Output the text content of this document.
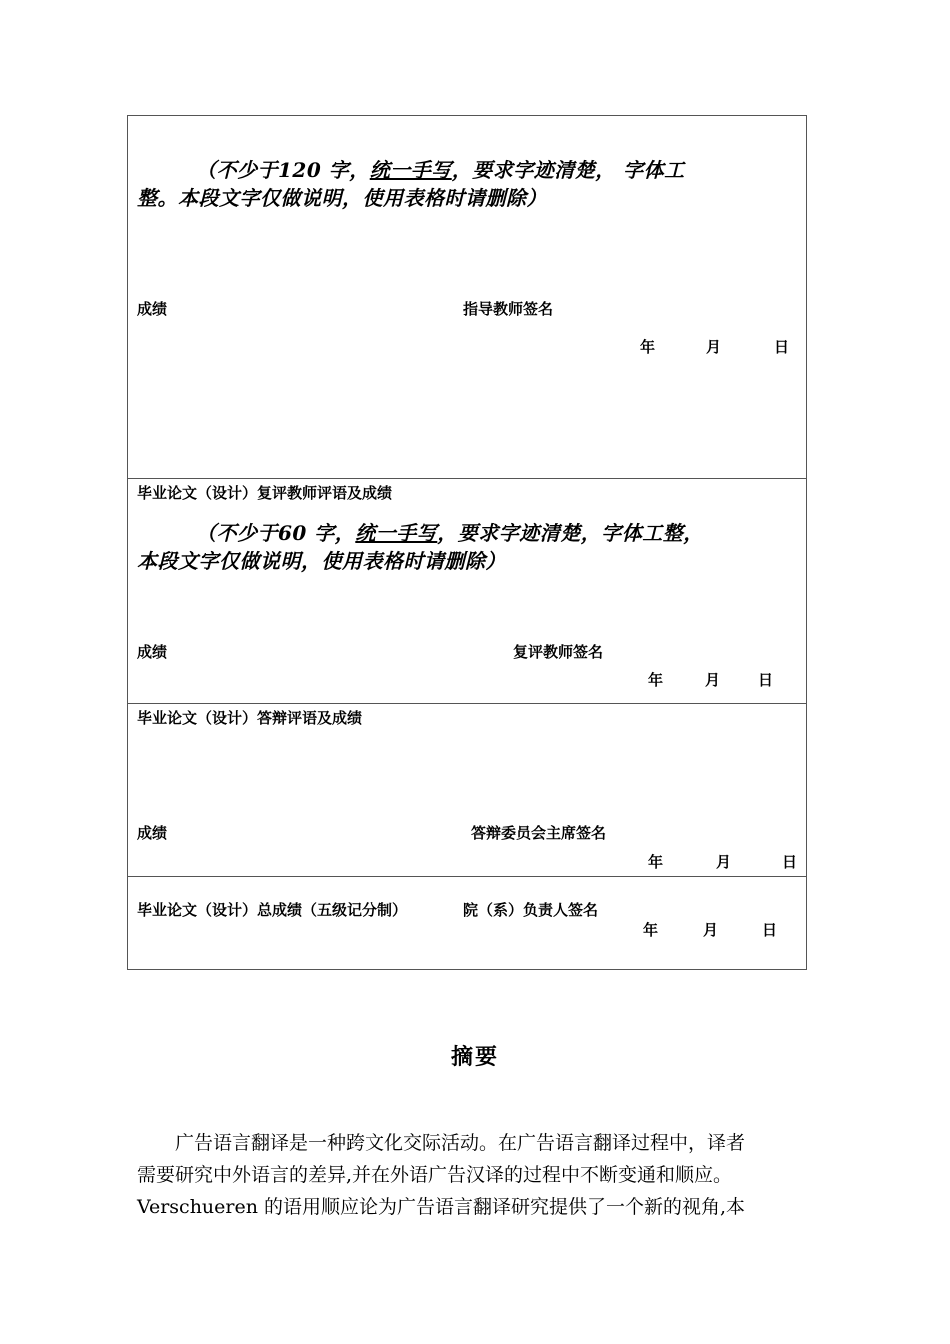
（不少于120 字，统一手写，要求字迹清楚， 字体工
整。本段文字仅做说明，使用表格时请删除）
成绩	指导教师签名
年	月	日
毕业论文（设计）复评教师评语及成绩
（不少于60 字，统一手写，要求字迹清楚，字体工整，
本段文字仅做说明，使用表格时请删除）
成绩	复评教师签名
年	月	日
毕业论文（设计）答辩评语及成绩
成绩	答辩委员会主席签名
年	月	日
毕业论文（设计）总成绩（五级记分制）	院（系）负责人签名
年	月	日
摘要
广告语言翻译是一种跨文化交际活动。在广告语言翻译过程中，译者
需要研究中外语言的差异,并在外语广告汉译的过程中不断变通和顺应。
Verschueren 的语用顺应论为广告语言翻译研究提供了一个新的视角,本
